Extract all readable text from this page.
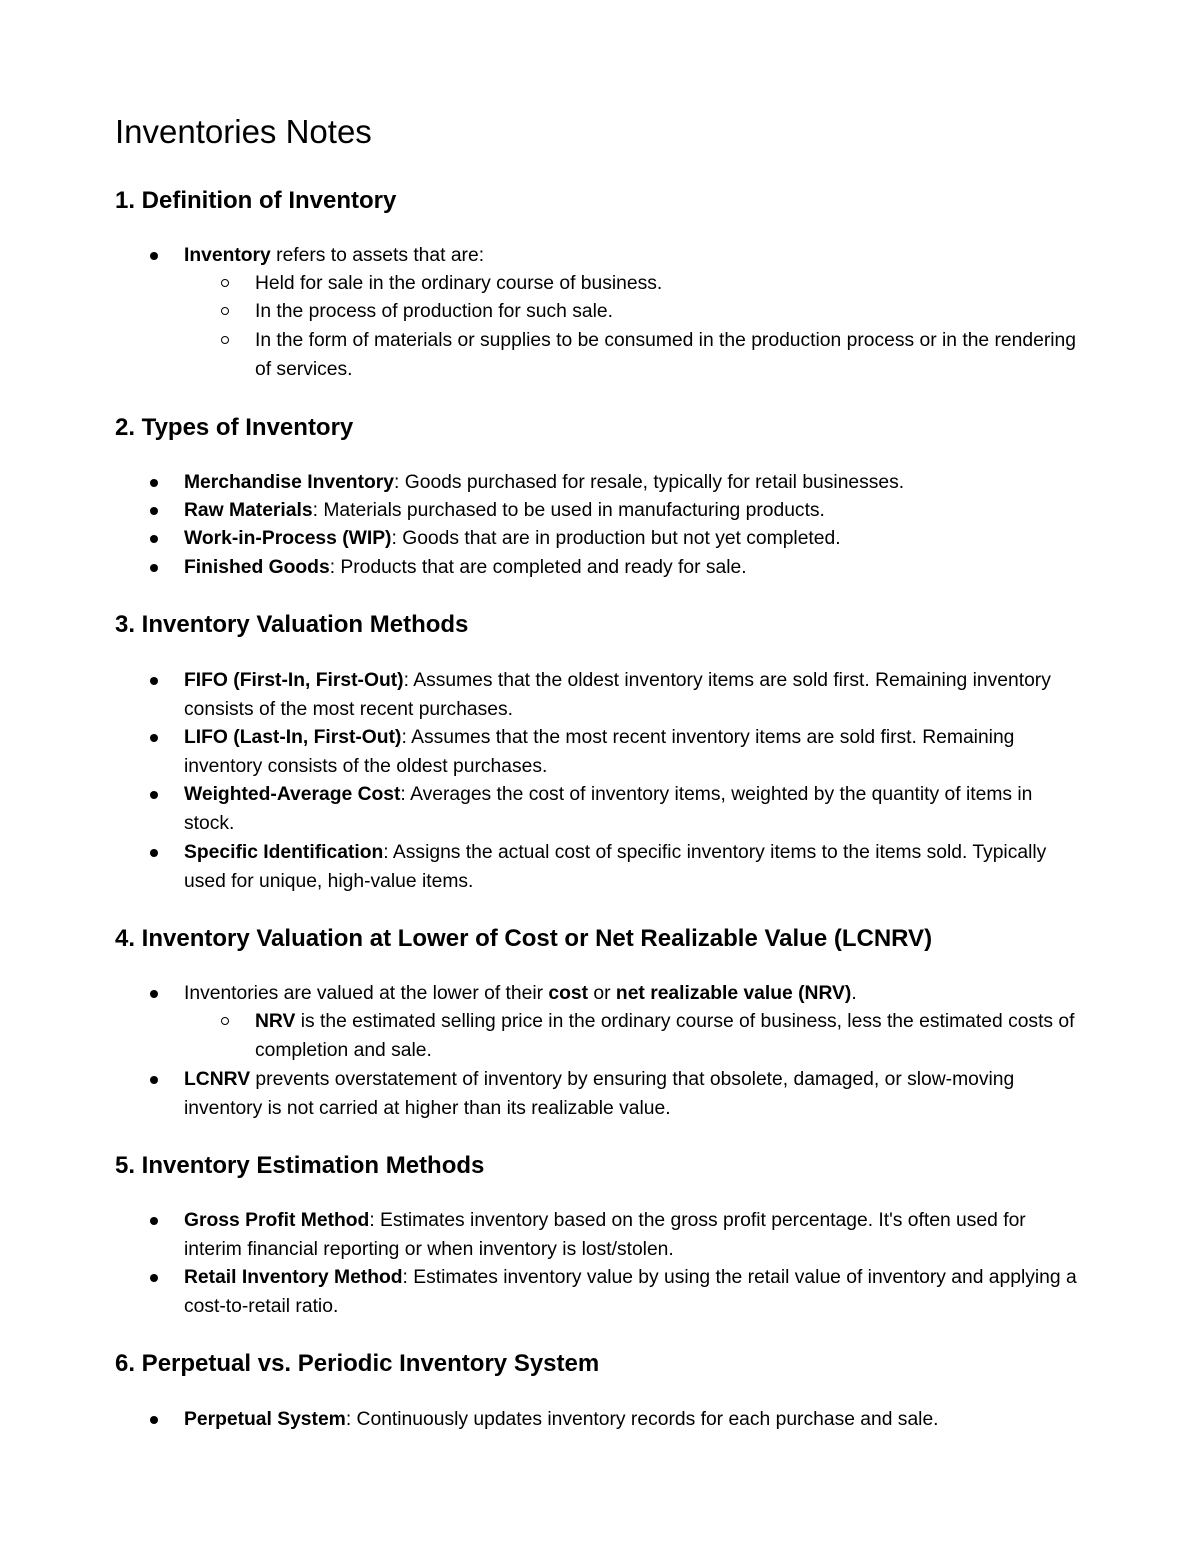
Inventories Notes
1. Definition of Inventory

Inventory refers to assets that are:

Held for sale in the ordinary course of business.

In the process of production for such sale.

In the form of materials or supplies to be consumed in the production process or in the rendering of services.

2. Types of Inventory

Merchandise Inventory: Goods purchased for resale, typically for retail businesses.

Raw Materials: Materials purchased to be used in manufacturing products.

Work-in-Process (WIP): Goods that are in production but not yet completed.

Finished Goods: Products that are completed and ready for sale.

3. Inventory Valuation Methods

FIFO (First-In, First-Out): Assumes that the oldest inventory items are sold first. Remaining inventory consists of the most recent purchases.

LIFO (Last-In, First-Out): Assumes that the most recent inventory items are sold first. Remaining inventory consists of the oldest purchases.

Weighted-Average Cost: Averages the cost of inventory items, weighted by the quantity of items in stock.

Specific Identification: Assigns the actual cost of specific inventory items to the items sold. Typically used for unique, high-value items.

4. Inventory Valuation at Lower of Cost or Net Realizable Value (LCNRV)

Inventories are valued at the lower of their cost or net realizable value (NRV).

NRV is the estimated selling price in the ordinary course of business, less the estimated costs of completion and sale.

LCNRV prevents overstatement of inventory by ensuring that obsolete, damaged, or slow-moving inventory is not carried at higher than its realizable value.

5. Inventory Estimation Methods

Gross Profit Method: Estimates inventory based on the gross profit percentage. It's often used for interim financial reporting or when inventory is lost/stolen.

Retail Inventory Method: Estimates inventory value by using the retail value of inventory and applying a cost-to-retail ratio.

6. Perpetual vs. Periodic Inventory System

Perpetual System: Continuously updates inventory records for each purchase and sale.
